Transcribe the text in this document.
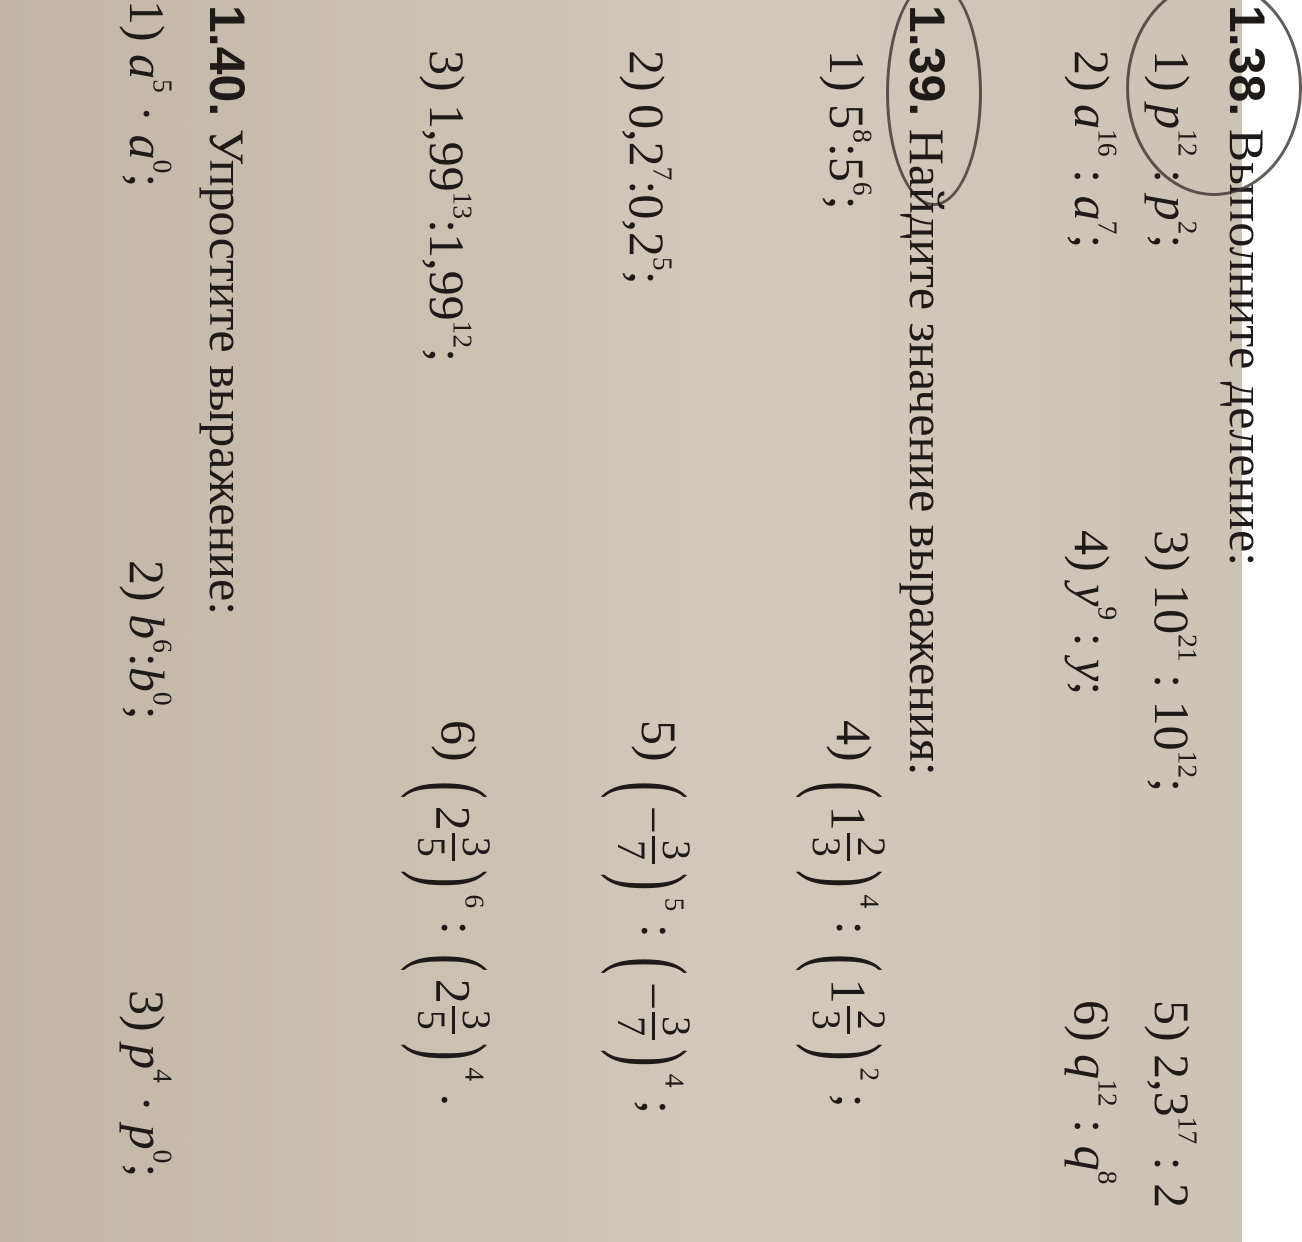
1.38. Выполните деление:
1) $p^{12}$ : $p^2$;
3) $10^{21}$ : $10^{12}$;
5) $2,3^{17}$ : 2
2) $a^{16}$ : $a^7$;
4) $y^9$ : y;
6) $q^{12}$ : $q^8$
1.39. Найдите значение выражения:
1) $5^8:5^6$;
2) $0,2^7:0,2^5$;
3) 1,99$^{13}$:1,99$^{12}$;
4) (1
2
3
)$^4$ : (1
2
3
)$^2$ ;
5) (−
3
7
)$^5$ : (−
3
7
)$^4$ ;
6) (2
3
5
)$^6$ : (2
3
5
)$^4$ .
1.40. Упростите выражение:
1) $a^5 \cdot a^0$;
2) $b^6:b^0$;
3) $p^4 \cdot p^0$;
